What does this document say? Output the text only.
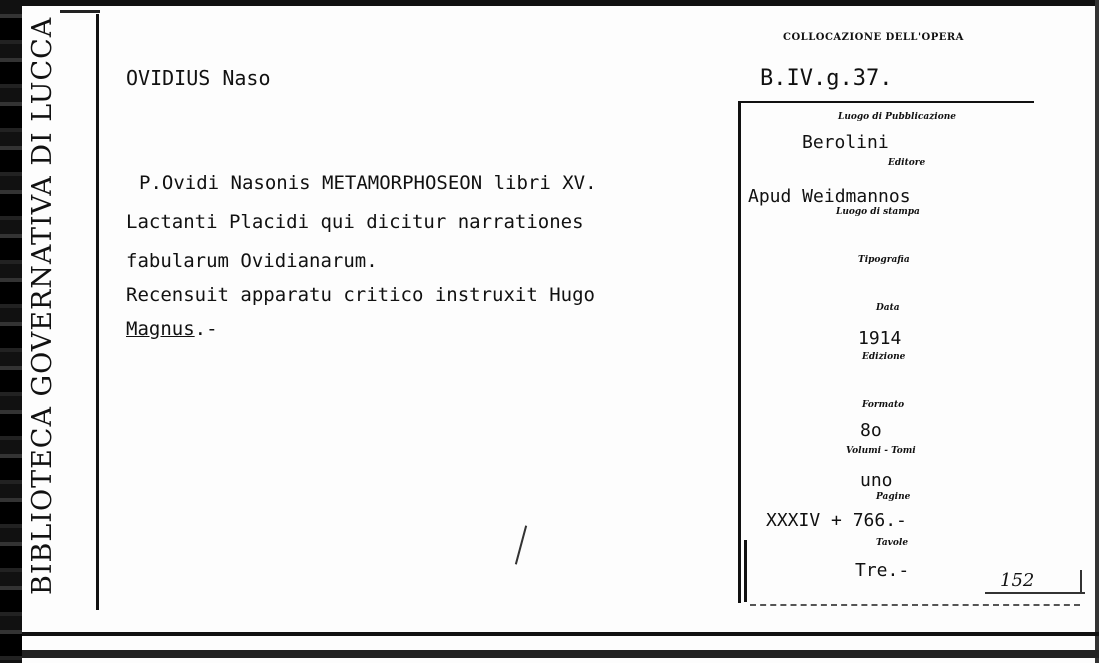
BIBLIOTECA GOVERNATIVA DI LUCCA	OVIDIUS Naso
COLLOCAZIONE DELL'OPERA
B.IV.g.37.
P.Ovidi Nasonis METAMORPHOSEON libri XV.
Lactanti Placidi qui dicitur narrationes
fabularum Ovidianarum.
Recensuit apparatu critico instruxit Hugo
Magnus.-
Luogo di Pubblicazione
Berolini
Editore
Apud Weidmannos
Luogo di stampa
Tipografia
Data
1914
Edizione
Formato
8o
Volumi - Tomi
uno
Pagine
XXXIV + 766.-
Tavole
Tre.-	152
